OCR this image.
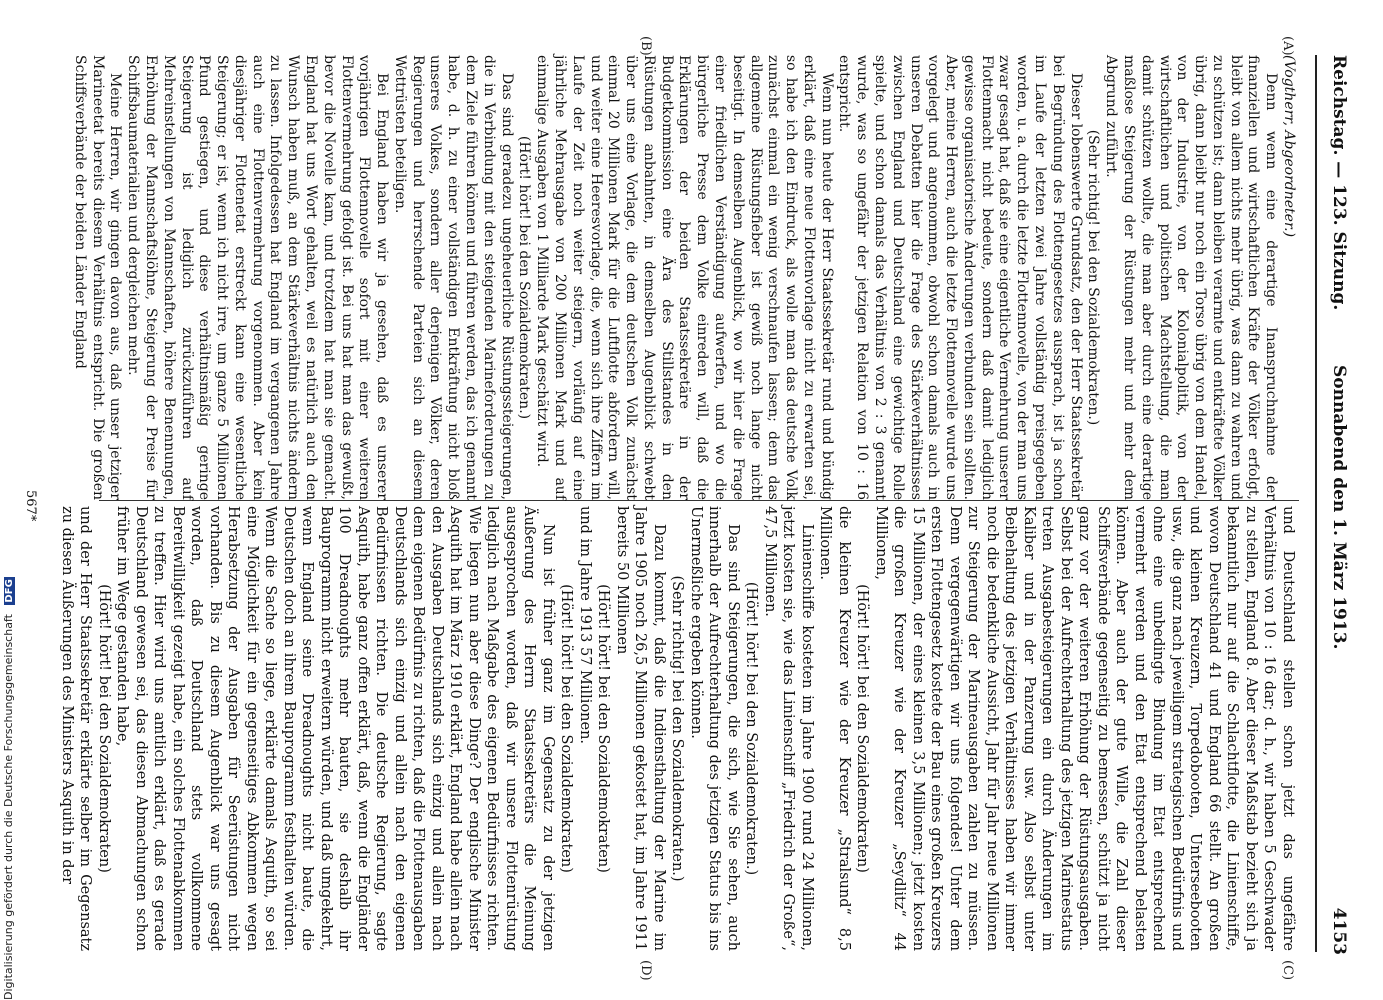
Reichstag. — 123. Sitzung.
Sonnabend den 1. März 1913.
4153
(A)
(B)
(C)
(D)

(Vogtherr, Abgeordneter.)

Denn wenn eine derartige Inanspruchnahme der finanziellen und wirtschaftlichen Kräfte der Völker erfolgt, bleibt von allem nichts mehr übrig, was dann zu wahren und zu schützen ist; dann bleiben verarmte und entkräftete Völker übrig, dann bleibt nur noch ein Torso übrig von dem Handel, von der Industrie, von der Kolonialpolitik, von der wirtschaftlichen und politischen Machtstellung, die man damit schützen wollte, die man aber durch eine derartige maßlose Steigerung der Rüstungen mehr und mehr dem Abgrund zuführt.

(Sehr richtig! bei den Sozialdemokraten.)

Dieser lobenswerte Grundsatz, den der Herr Staatssekretär bei Begründung des Flottengesetzes aussprach, ist ja schon im Laufe der letzten zwei Jahre vollständig preisgegeben worden, u. a. durch die letzte Flottennovelle, von der man uns zwar gesagt hat, daß sie eine eigentliche Vermehrung unserer Flottenmacht nicht bedeute, sondern daß damit lediglich gewisse organisatorische Änderungen verbunden sein sollten. Aber, meine Herren, auch die letzte Flottennovelle wurde uns vorgelegt und angenommen, obwohl schon damals auch in unseren Debatten hier die Frage des Stärkeverhältnisses zwischen England und Deutschland eine gewichtige Rolle spielte, und schon damals das Verhältnis von 2 : 3 genannt wurde, was so ungefähr der jetzigen Relation von 10 : 16 entspricht.

Wenn nun heute der Herr Staatssekretär rund und bündig erklärt, daß eine neue Flottenvorlage nicht zu erwarten sei, so habe ich den Eindruck, als wolle man das deutsche Volk zunächst einmal ein wenig verschnaufen lassen; denn das allgemeine Rüstungsfieber ist gewiß noch lange nicht beseitigt. In demselben Augenblick, wo wir hier die Frage einer friedlichen Verständigung aufwerfen, und wo die bürgerliche Presse dem Volke einreden will, daß die Erklärungen der beiden Staatssekretäre in der Budgetkommission eine Ära des Stillstandes in den Rüstungen anbahnten, in demselben Augenblick schwebt über uns eine Vorlage, die dem deutschen Volk zunächst einmal 20 Millionen Mark für die Luftflotte abfordern will, und weiter eine Heeresvorlage, die, wenn sich ihre Ziffern im Laufe der Zeit noch weiter steigern, vorläufig auf eine jährliche Mehrausgabe von 200 Millionen Mark und auf einmalige Ausgaben von 1 Milliarde Mark geschätzt wird.

(Hört! hört! bei den Sozialdemokraten.)

Das sind geradezu ungeheuerliche Rüstungssteigerungen, die in Verbindung mit den steigenden Marineforderungen zu dem Ziele führen können und führen werden, das ich genannt habe, d. h. zu einer vollständigen Entkräftung nicht bloß unseres Volkes, sondern aller derjenigen Völker, deren Regierungen und herrschende Parteien sich an diesem Wettrüsten beteiligen.

Bei England haben wir ja gesehen, daß es unserer vorjährigen Flottennovelle sofort mit einer weiteren Flottenvermehrung gefolgt ist. Bei uns hat man das gewußt, bevor die Novelle kam, und trotzdem hat man sie gemacht. England hat uns Wort gehalten, weil es natürlich auch den Wunsch haben muß, an dem Stärkeverhältnis nichts ändern zu lassen. Infolgedessen hat England im vergangenen Jahre auch eine Flottenvermehrung vorgenommen. Aber kein diesjähriger Flottenetat erstreckt kann eine wesentliche Steigerung; er ist, wenn ich nicht irre, um ganze 5 Millionen Pfund gestiegen, und diese verhältnismäßig geringe Steigerung ist lediglich zurückzuführen auf Mehreinstellungen von Mannschaften, höhere Benennungen, Erhöhung der Mannschaftslöhne, Steigerung der Preise für Schiffsbaumaterialien und dergleichen mehr.

Meine Herren, wir gingen davon aus, daß unser jetziger Marineetat bereits diesem Verhältnis entspricht. Die großen Schiffsverbände der beiden Länder England

und Deutschland stellen schon jetzt das ungefähre Verhältnis von 10 : 16 dar; d. h., wir haben 5 Geschwader zu stellen, England 8. Aber dieser Maßstab bezieht sich ja bekanntlich nur auf die Schlachtflotte, die Linienschiffe, wovon Deutschland 41 und England 66 stellt. An großen und kleinen Kreuzern, Torpedobooten, Unterseebooten usw., die ganz nach jeweiligem strategischen Bedürfnis und ohne eine unbedingte Bindung im Etat entsprechend vermehrt werden und den Etat entsprechend belasten können. Aber auch der gute Wille, die Zahl dieser Schiffsverbände gegenseitig zu bemessen, schützt ja nicht ganz vor der weiteren Erhöhung der Rüstungsausgaben. Selbst bei der Aufrechterhaltung des jetzigen Marinestatus treten Ausgabesteigerungen ein durch Änderungen im Kaliber und in der Panzerung usw. Also selbst unter Beibehaltung des jetzigen Verhältnisses haben wir immer noch die bedenkliche Aussicht, Jahr für Jahr neue Millionen zur Steigerung der Marineausgaben zahlen zu müssen. Denn vergegenwärtigen wir uns folgendes! Unter dem ersten Flottengesetz kostete der Bau eines großen Kreuzers 15 Millionen, der eines kleinen 3,5 Millionen; jetzt kosten die großen Kreuzer wie der Kreuzer „Seydlitz“ 44 Millionen,

(Hört! hört! bei den Sozialdemokraten)

die kleinen Kreuzer wie der Kreuzer „Stralsund“ 8,5 Millionen.

Linienschiffe kosteten im Jahre 1900 rund 24 Millionen, jetzt kosten sie, wie das Linienschiff „Friedrich der Große“, 47,5 Millionen.

(Hört! hört! bei den Sozialdemokraten.)

Das sind Steigerungen, die sich, wie Sie sehen, auch innerhalb der Aufrechterhaltung des jetzigen Status bis ins Unermeßliche ergeben können.

(Sehr richtig! bei den Sozialdemokraten.)

Dazu kommt, daß die Indiensthaltung der Marine im Jahre 1905 noch 26,5 Millionen gekostet hat, im Jahre 1911 bereits 50 Millionen

(Hört! hört! bei den Sozialdemokraten)

und im Jahre 1913 57 Millionen.

(Hört! hört! bei den Sozialdemokraten)

Nun ist früher ganz im Gegensatz zu der jetzigen Äußerung des Herrn Staatssekretärs die Meinung ausgesprochen worden, daß wir unsere Flottenrüstung lediglich nach Maßgabe des eigenen Bedürfnisses richten. Wie liegen nun aber diese Dinge? Der englische Minister Asquith hat im März 1910 erklärt, England habe allein nach den Ausgaben Deutschlands sich einzig und allein nach dem eigenen Bedürfnis zu richten, daß die Flottenausgaben Deutschlands sich einzig und allein nach den eigenen Bedürfnissen richten. Die deutsche Regierung, sagte Asquith, habe ganz offen erklärt, daß, wenn die Engländer 100 Dreadnoughts mehr bauten, sie deshalb ihr Bauprogramm nicht erweitern würden, und daß umgekehrt, wenn England seine Dreadnoughts nicht baute, die Deutschen doch an ihrem Bauprogramm festhalten würden. Wenn die Sache so liege, erklärte damals Asquith, so sei eine Möglichkeit für ein gegenseitiges Abkommen wegen Herabsetzung der Ausgaben für Seerüstungen nicht vorhanden. Bis zu diesem Augenblick war uns gesagt worden, daß Deutschland stets vollkommene Bereitwilligkeit gezeigt habe, ein solches Flottenabkommen zu treffen. Hier wird uns amtlich erklärt, daß es gerade Deutschland gewesen sei, das diesen Abmachungen schon früher im Wege gestanden habe,

(Hört! hört! bei den Sozialdemokraten)

und der Herr Staatssekretär erklärte selber im Gegensatz zu diesen Äußerungen des Ministers Asquith in der

567*
Digitalisierung gefördert durch die Deutsche Forschungsgemeinschaft DFG
